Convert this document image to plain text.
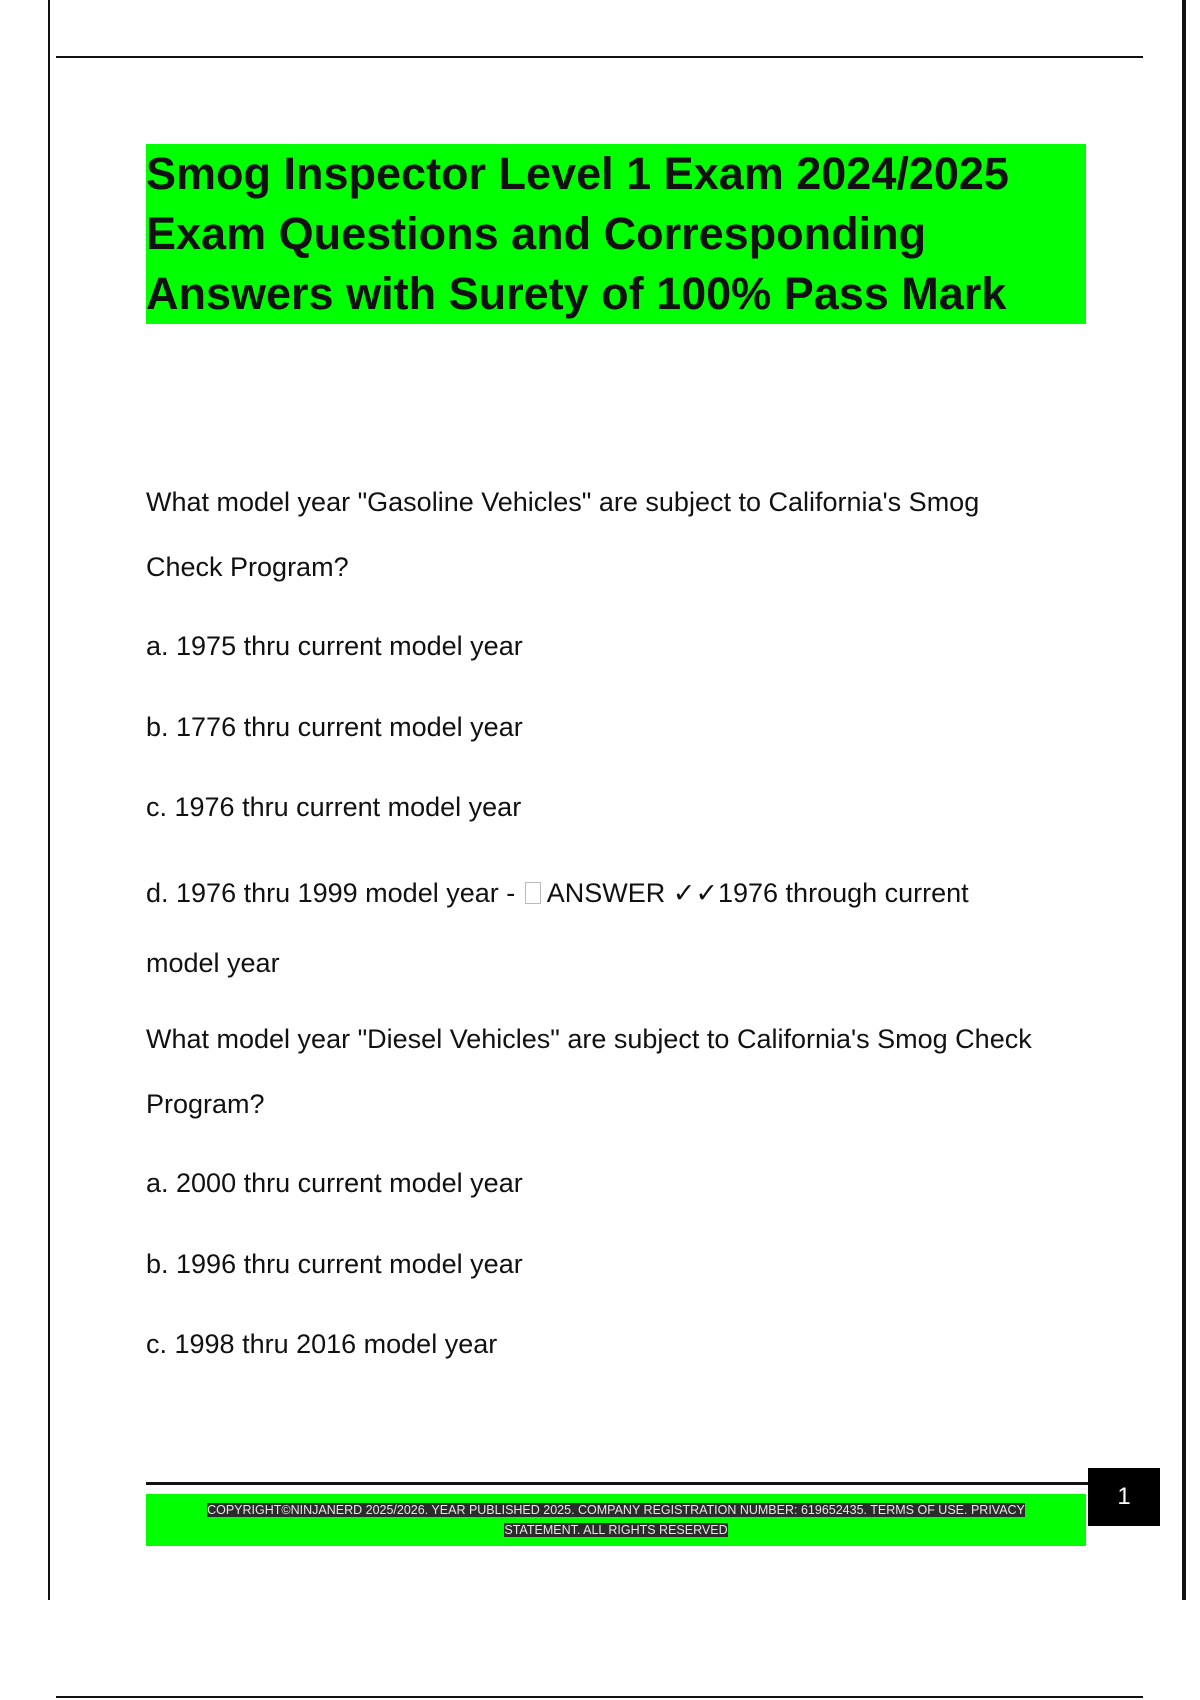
Smog Inspector Level 1 Exam 2024/2025
Exam Questions and Corresponding
Answers with Surety of 100% Pass Mark

What model year "Gasoline Vehicles" are subject to California's Smog
Check Program?

a. 1975 thru current model year

b. 1776 thru current model year

c. 1976 thru current model year

d. 1976 thru 1999 model year - ANSWER ✓✓1976 through current

model year

What model year "Diesel Vehicles" are subject to California's Smog Check
Program?

a. 2000 thru current model year

b. 1996 thru current model year

c. 1998 thru 2016 model year

1
COPYRIGHT©NINJANERD 2025/2026. YEAR PUBLISHED 2025. COMPANY REGISTRATION NUMBER: 619652435. TERMS OF USE. PRIVACY
STATEMENT. ALL RIGHTS RESERVED
